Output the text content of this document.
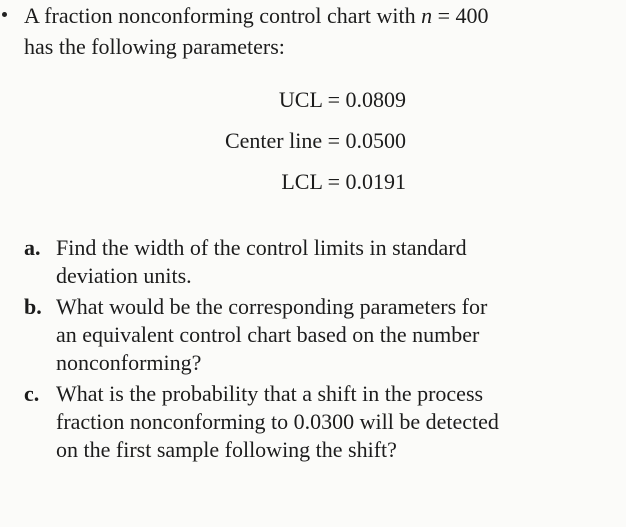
A fraction nonconforming control chart with n = 400
has the following parameters:
UCL = 0.0809
Center line = 0.0500
LCL = 0.0191
a. Find the width of the control limits in standard
deviation units.
b. What would be the corresponding parameters for
an equivalent control chart based on the number
nonconforming?
c. What is the probability that a shift in the process
fraction nonconforming to 0.0300 will be detected
on the first sample following the shift?
